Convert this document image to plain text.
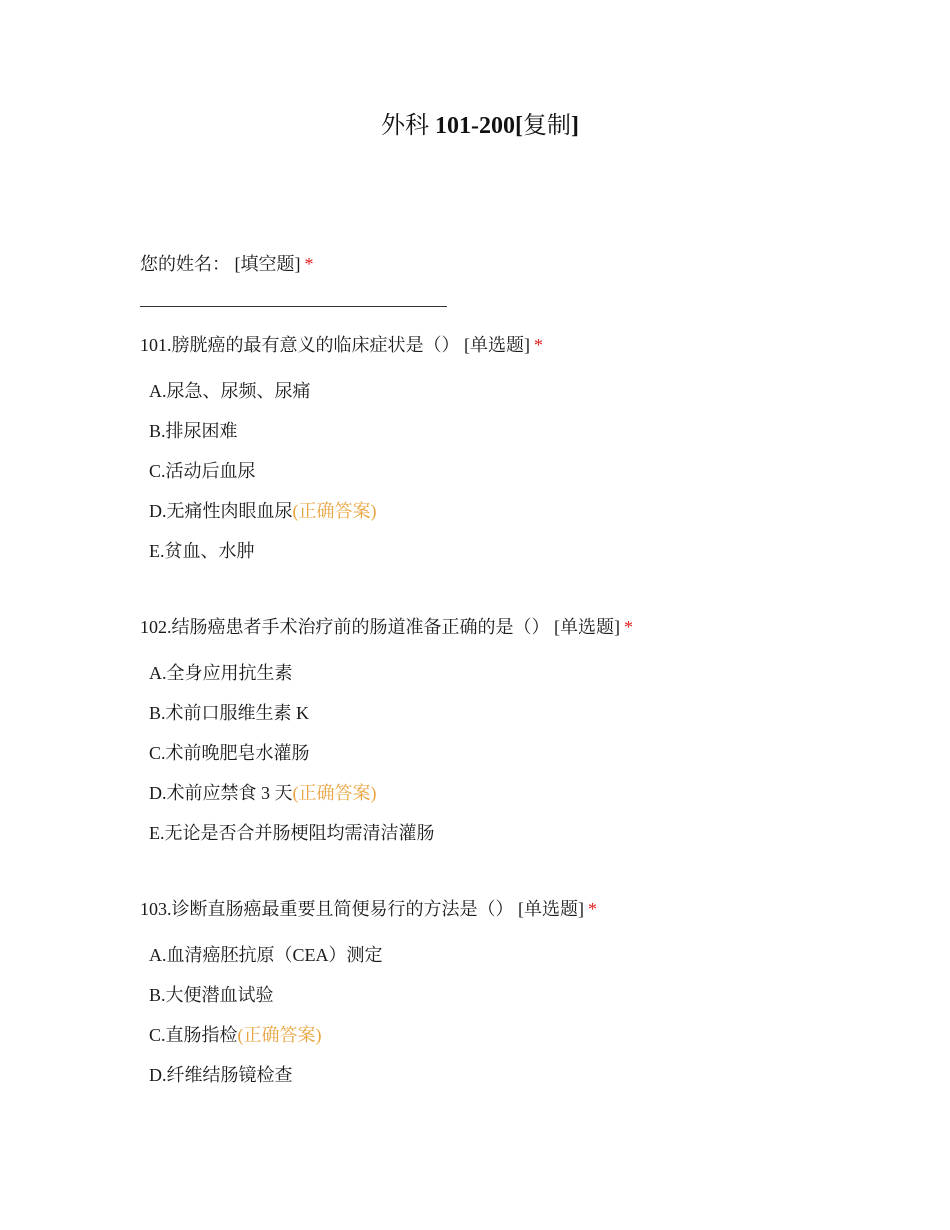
外科 101-200[复制]
您的姓名： [填空题] *
101.膀胱癌的最有意义的临床症状是（） [单选题] *
A.尿急、尿频、尿痛
B.排尿困难
C.活动后血尿
D.无痛性肉眼血尿(正确答案)
E.贫血、水肿
102.结肠癌患者手术治疗前的肠道准备正确的是（） [单选题] *
A.全身应用抗生素
B.术前口服维生素 K
C.术前晚肥皂水灌肠
D.术前应禁食 3 天(正确答案)
E.无论是否合并肠梗阻均需清洁灌肠
103.诊断直肠癌最重要且简便易行的方法是（） [单选题] *
A.血清癌胚抗原（CEA）测定
B.大便潜血试验
C.直肠指检(正确答案)
D.纤维结肠镜检查
